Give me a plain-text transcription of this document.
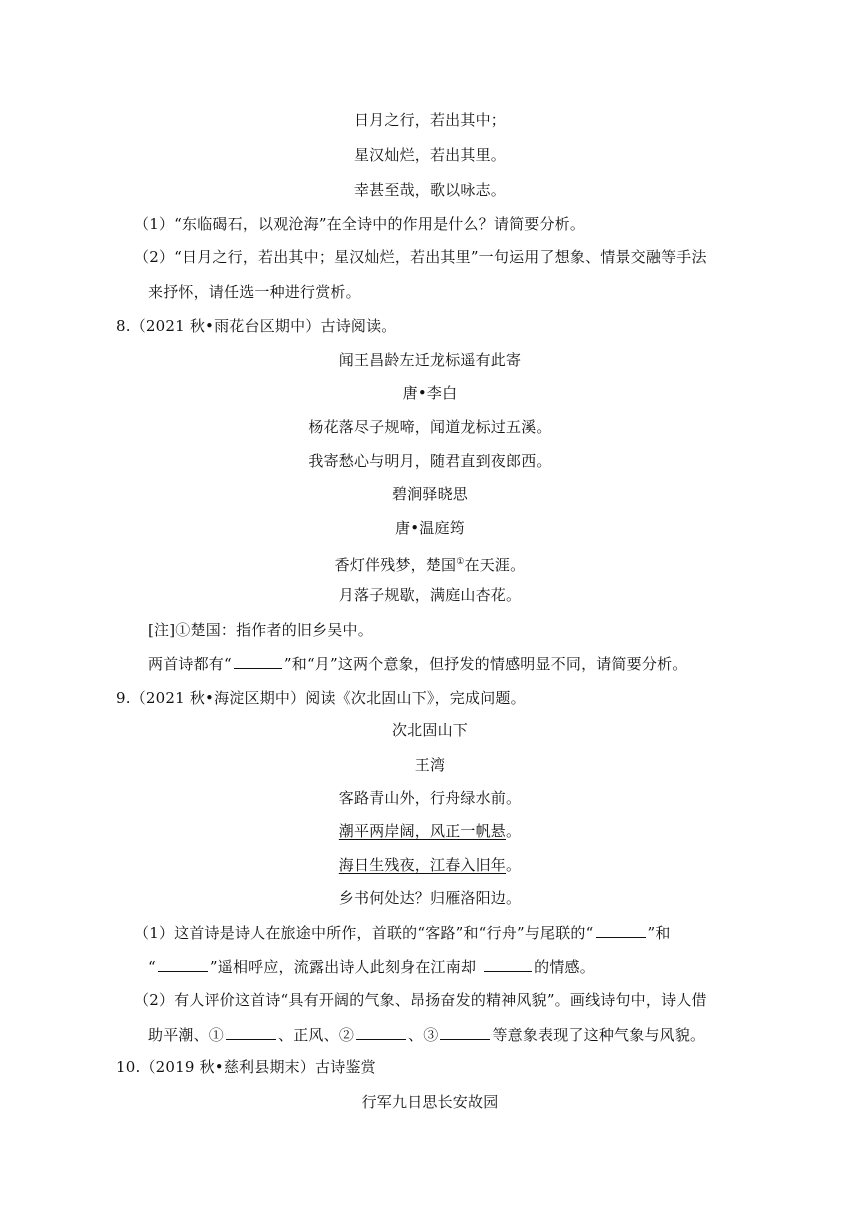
日月之行，若出其中；
星汉灿烂，若出其里。
幸甚至哉，歌以咏志。
（1）“东临碣石，以观沧海”在全诗中的作用是什么？请简要分析。
（2）“日月之行，若出其中；星汉灿烂，若出其里”一句运用了想象、情景交融等手法
来抒怀，请任选一种进行赏析。
8.（2021 秋•雨花台区期中）古诗阅读。
闻王昌龄左迁龙标遥有此寄
唐•李白
杨花落尽子规啼，闻道龙标过五溪。
我寄愁心与明月，随君直到夜郎西。
碧涧驿晓思
唐•温庭筠
香灯伴残梦，楚国①在天涯。
月落子规歇，满庭山杏花。
[注]①楚国：指作者的旧乡吴中。
两首诗都有“	”和“月”这两个意象，但抒发的情感明显不同，请简要分析。
9.（2021 秋•海淀区期中）阅读《次北固山下》，完成问题。
次北固山下
王湾
客路青山外，行舟绿水前。
潮平两岸阔，风正一帆悬。
海日生残夜，江春入旧年。
乡书何处达？归雁洛阳边。
（1）这首诗是诗人在旅途中所作，首联的“客路”和“行舟”与尾联的“	”和
“	”遥相呼应，流露出诗人此刻身在江南却	的情感。
（2）有人评价这首诗“具有开阔的气象、昂扬奋发的精神风貌”。画线诗句中，诗人借
助平潮、①	、正风、②	、③	等意象表现了这种气象与风貌。
10.（2019 秋•慈利县期末）古诗鉴赏
行军九日思长安故园
